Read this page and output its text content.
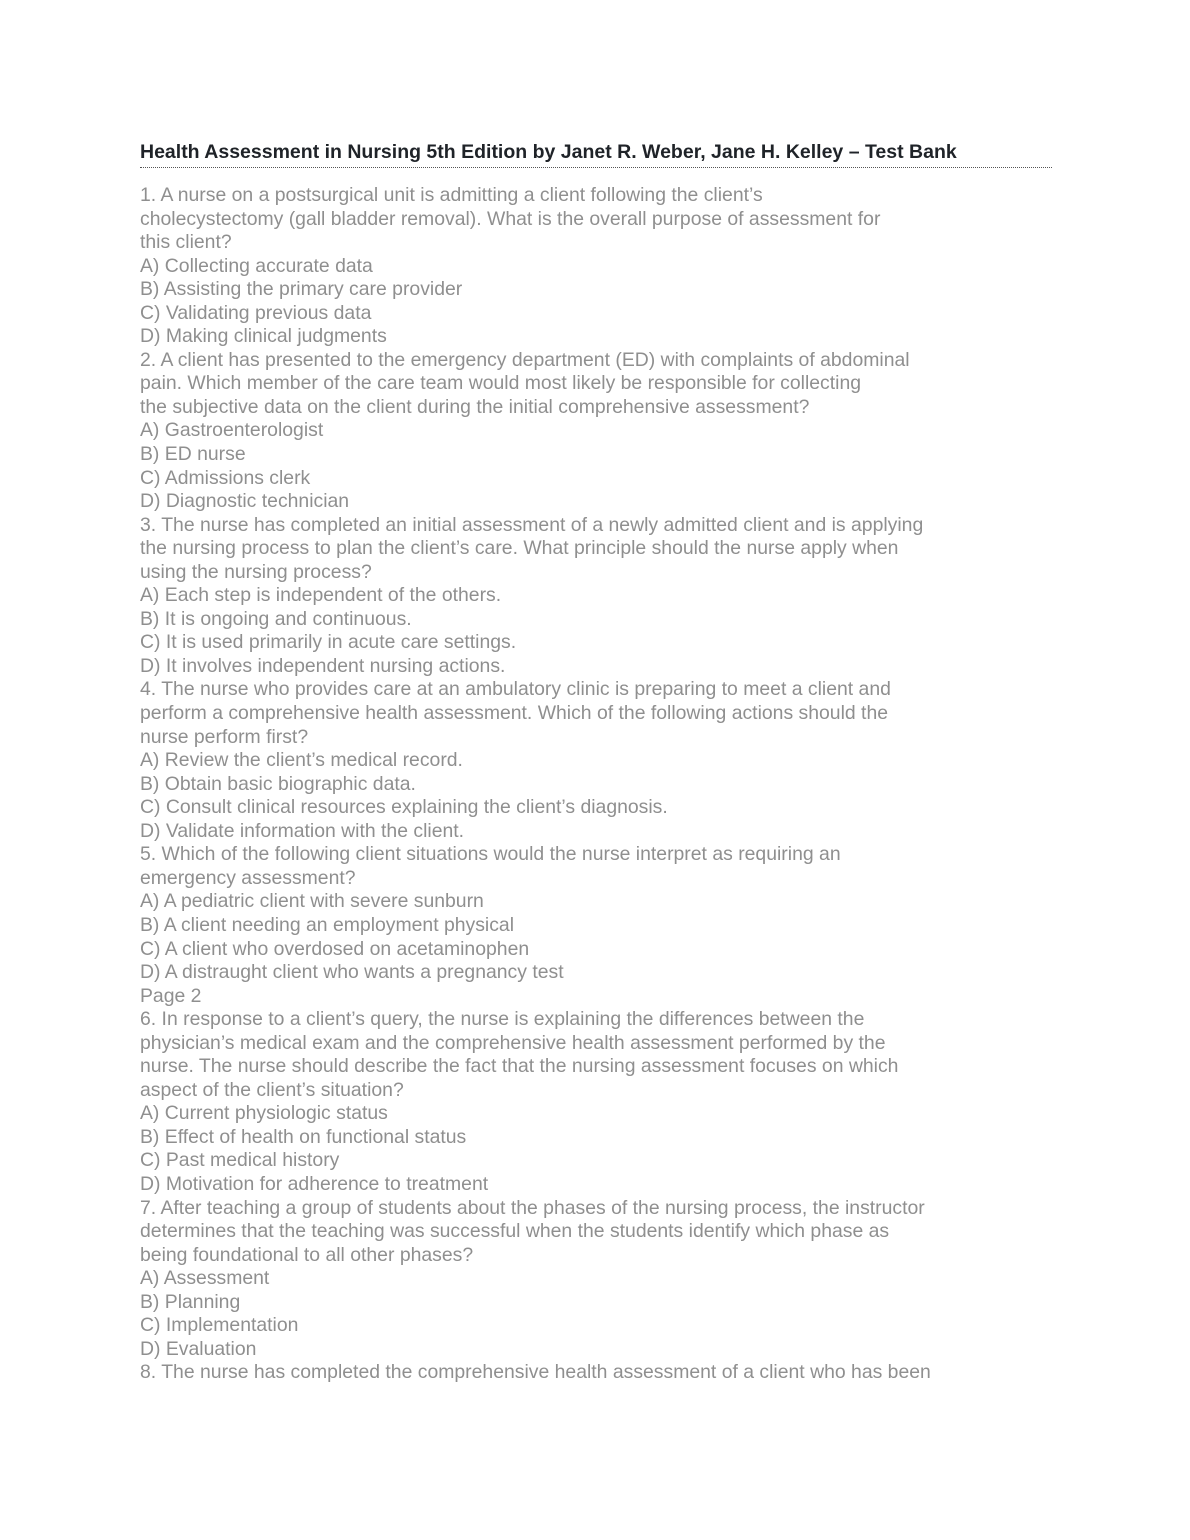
Health Assessment in Nursing 5th Edition by Janet R. Weber, Jane H. Kelley – Test Bank
1. A nurse on a postsurgical unit is admitting a client following the client’s
cholecystectomy (gall bladder removal). What is the overall purpose of assessment for
this client?
A) Collecting accurate data
B) Assisting the primary care provider
C) Validating previous data
D) Making clinical judgments
2. A client has presented to the emergency department (ED) with complaints of abdominal
pain. Which member of the care team would most likely be responsible for collecting
the subjective data on the client during the initial comprehensive assessment?
A) Gastroenterologist
B) ED nurse
C) Admissions clerk
D) Diagnostic technician
3. The nurse has completed an initial assessment of a newly admitted client and is applying
the nursing process to plan the client’s care. What principle should the nurse apply when
using the nursing process?
A) Each step is independent of the others.
B) It is ongoing and continuous.
C) It is used primarily in acute care settings.
D) It involves independent nursing actions.
4. The nurse who provides care at an ambulatory clinic is preparing to meet a client and
perform a comprehensive health assessment. Which of the following actions should the
nurse perform first?
A) Review the client’s medical record.
B) Obtain basic biographic data.
C) Consult clinical resources explaining the client’s diagnosis.
D) Validate information with the client.
5. Which of the following client situations would the nurse interpret as requiring an
emergency assessment?
A) A pediatric client with severe sunburn
B) A client needing an employment physical
C) A client who overdosed on acetaminophen
D) A distraught client who wants a pregnancy test
Page 2
6. In response to a client’s query, the nurse is explaining the differences between the
physician’s medical exam and the comprehensive health assessment performed by the
nurse. The nurse should describe the fact that the nursing assessment focuses on which
aspect of the client’s situation?
A) Current physiologic status
B) Effect of health on functional status
C) Past medical history
D) Motivation for adherence to treatment
7. After teaching a group of students about the phases of the nursing process, the instructor
determines that the teaching was successful when the students identify which phase as
being foundational to all other phases?
A) Assessment
B) Planning
C) Implementation
D) Evaluation
8. The nurse has completed the comprehensive health assessment of a client who has been
